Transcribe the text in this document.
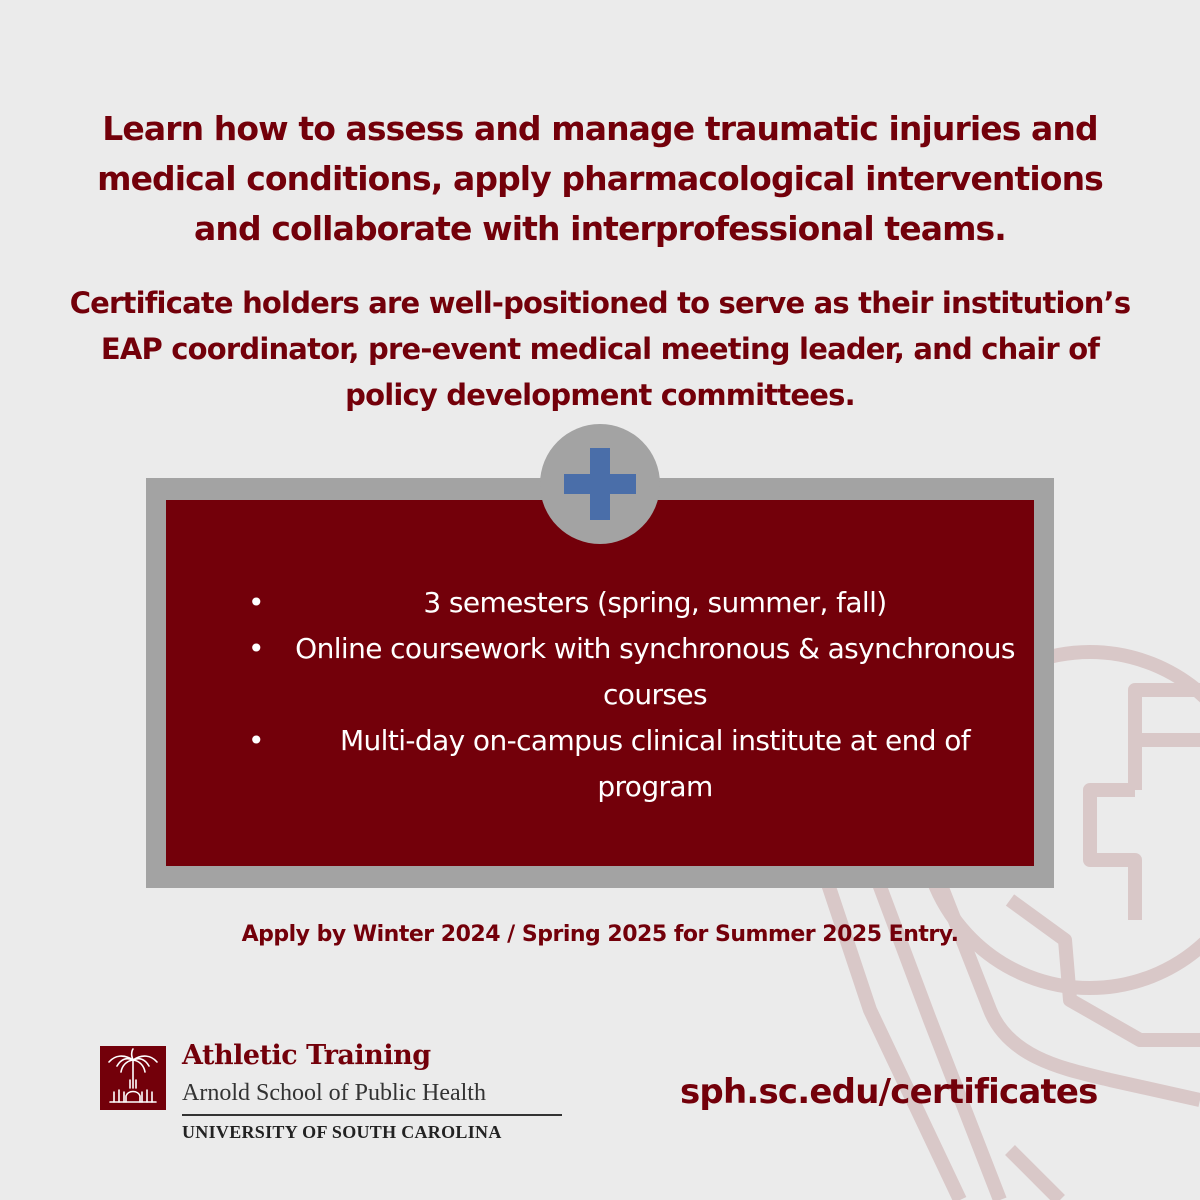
Learn how to assess and manage traumatic injuries and medical conditions, apply pharmacological interventions and collaborate with interprofessional teams.

Certificate holders are well-positioned to serve as their institution’s EAP coordinator, pre-event medical meeting leader, and chair of policy development committees.

•	3 semesters (spring, summer, fall)
• Online coursework with synchronous & asynchronous courses
•	Multi-day on-campus clinical institute at end of program

Apply by Winter 2024 / Spring 2025 for Summer 2025 Entry.

Athletic Training
Arnold School of Public Health
UNIVERSITY OF SOUTH CAROLINA
sph.sc.edu/certificates
